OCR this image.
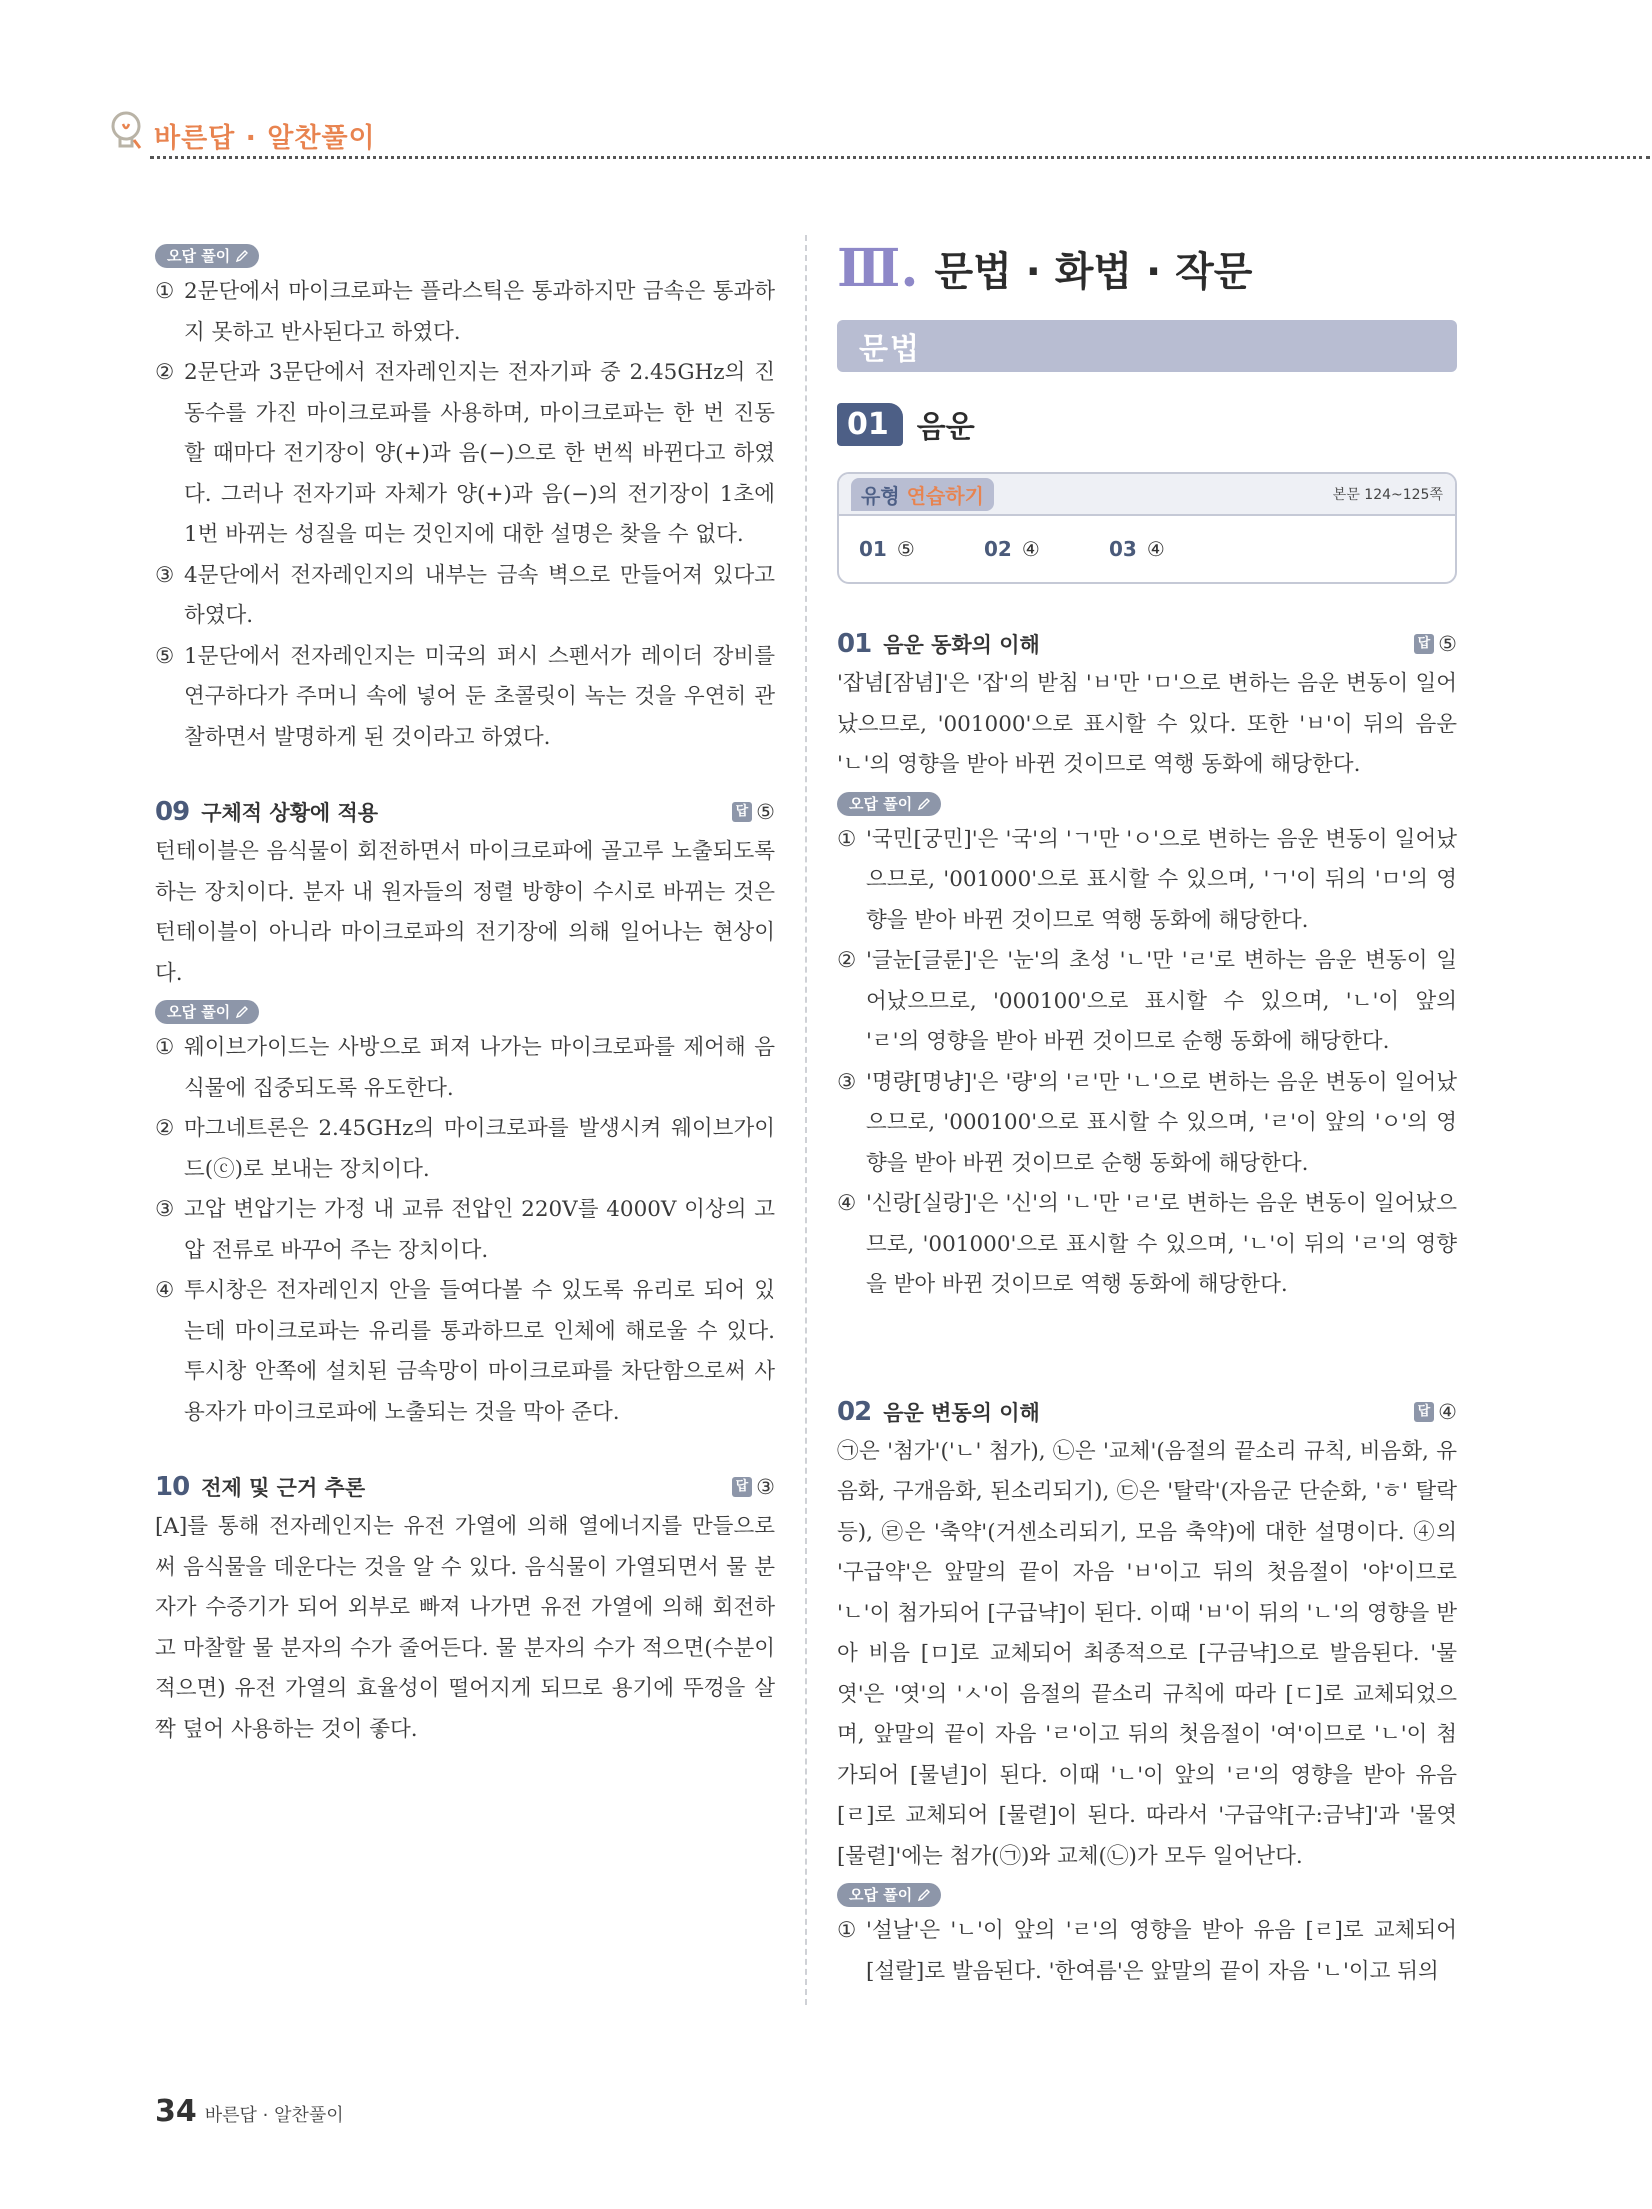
바른답 · 알찬풀이
오답 풀이
① 2문단에서 마이크로파는 플라스틱은 통과하지만 금속은 통과하지 못하고 반사된다고 하였다.
② 2문단과 3문단에서 전자레인지는 전자기파 중 2.45GHz의 진동수를 가진 마이크로파를 사용하며, 마이크로파는 한 번 진동할 때마다 전기장이 양(+)과 음(−)으로 한 번씩 바뀐다고 하였다. 그러나 전자기파 자체가 양(+)과 음(−)의 전기장이 1초에 1번 바뀌는 성질을 띠는 것인지에 대한 설명은 찾을 수 없다.
③ 4문단에서 전자레인지의 내부는 금속 벽으로 만들어져 있다고 하였다.
⑤ 1문단에서 전자레인지는 미국의 퍼시 스펜서가 레이더 장비를 연구하다가 주머니 속에 넣어 둔 초콜릿이 녹는 것을 우연히 관찰하면서 발명하게 된 것이라고 하였다.
09 구체적 상황에 적용	답 ⑤

턴테이블은 음식물이 회전하면서 마이크로파에 골고루 노출되도록 하는 장치이다. 분자 내 원자들의 정렬 방향이 수시로 바뀌는 것은 턴테이블이 아니라 마이크로파의 전기장에 의해 일어나는 현상이다.

오답 풀이
① 웨이브가이드는 사방으로 퍼져 나가는 마이크로파를 제어해 음식물에 집중되도록 유도한다.
② 마그네트론은 2.45GHz의 마이크로파를 발생시켜 웨이브가이드(ⓒ)로 보내는 장치이다.
③ 고압 변압기는 가정 내 교류 전압인 220V를 4000V 이상의 고압 전류로 바꾸어 주는 장치이다.
④ 투시창은 전자레인지 안을 들여다볼 수 있도록 유리로 되어 있는데 마이크로파는 유리를 통과하므로 인체에 해로울 수 있다. 투시창 안쪽에 설치된 금속망이 마이크로파를 차단함으로써 사용자가 마이크로파에 노출되는 것을 막아 준다.
10 전제 및 근거 추론	답 ③

[A]를 통해 전자레인지는 유전 가열에 의해 열에너지를 만들으로써 음식물을 데운다는 것을 알 수 있다. 음식물이 가열되면서 물 분자가 수증기가 되어 외부로 빠져 나가면 유전 가열에 의해 회전하고 마찰할 물 분자의 수가 줄어든다. 물 분자의 수가 적으면(수분이 적으면) 유전 가열의 효율성이 떨어지게 되므로 용기에 뚜껑을 살짝 덮어 사용하는 것이 좋다.

Ⅲ. 문법 · 화법 · 작문
문법
01 음운
유형 연습하기	본문 124~125쪽
01 ⑤	02 ④	03 ④
01 음운 동화의 이해	답 ⑤

'잡념[잠념]'은 '잡'의 받침 'ㅂ'만 'ㅁ'으로 변하는 음운 변동이 일어났으므로, '001000'으로 표시할 수 있다. 또한 'ㅂ'이 뒤의 음운 'ㄴ'의 영향을 받아 바뀐 것이므로 역행 동화에 해당한다.

오답 풀이
① '국민[궁민]'은 '국'의 'ㄱ'만 'ㅇ'으로 변하는 음운 변동이 일어났으므로, '001000'으로 표시할 수 있으며, 'ㄱ'이 뒤의 'ㅁ'의 영향을 받아 바뀐 것이므로 역행 동화에 해당한다.
② '글눈[글룬]'은 '눈'의 초성 'ㄴ'만 'ㄹ'로 변하는 음운 변동이 일어났으므로, '000100'으로 표시할 수 있으며, 'ㄴ'이 앞의 'ㄹ'의 영향을 받아 바뀐 것이므로 순행 동화에 해당한다.
③ '명량[명냥]'은 '량'의 'ㄹ'만 'ㄴ'으로 변하는 음운 변동이 일어났으므로, '000100'으로 표시할 수 있으며, 'ㄹ'이 앞의 'ㅇ'의 영향을 받아 바뀐 것이므로 순행 동화에 해당한다.
④ '신랑[실랑]'은 '신'의 'ㄴ'만 'ㄹ'로 변하는 음운 변동이 일어났으므로, '001000'으로 표시할 수 있으며, 'ㄴ'이 뒤의 'ㄹ'의 영향을 받아 바뀐 것이므로 역행 동화에 해당한다.
02 음운 변동의 이해	답 ④

㉠은 '첨가'('ㄴ' 첨가), ㉡은 '교체'(음절의 끝소리 규칙, 비음화, 유음화, 구개음화, 된소리되기), ㉢은 '탈락'(자음군 단순화, 'ㅎ' 탈락 등), ㉣은 '축약'(거센소리되기, 모음 축약)에 대한 설명이다. ④의 '구급약'은 앞말의 끝이 자음 'ㅂ'이고 뒤의 첫음절이 '야'이므로 'ㄴ'이 첨가되어 [구급냑]이 된다. 이때 'ㅂ'이 뒤의 'ㄴ'의 영향을 받아 비음 [ㅁ]로 교체되어 최종적으로 [구금냑]으로 발음된다. '물엿'은 '엿'의 'ㅅ'이 음절의 끝소리 규칙에 따라 [ㄷ]로 교체되었으며, 앞말의 끝이 자음 'ㄹ'이고 뒤의 첫음절이 '여'이므로 'ㄴ'이 첨가되어 [물녇]이 된다. 이때 'ㄴ'이 앞의 'ㄹ'의 영향을 받아 유음 [ㄹ]로 교체되어 [물렫]이 된다. 따라서 '구급약[구:금냑]'과 '물엿[물렫]'에는 첨가(㉠)와 교체(㉡)가 모두 일어난다.

오답 풀이
① '설날'은 'ㄴ'이 앞의 'ㄹ'의 영향을 받아 유음 [ㄹ]로 교체되어 [설랄]로 발음된다. '한여름'은 앞말의 끝이 자음 'ㄴ'이고 뒤의
34 바른답 · 알찬풀이
